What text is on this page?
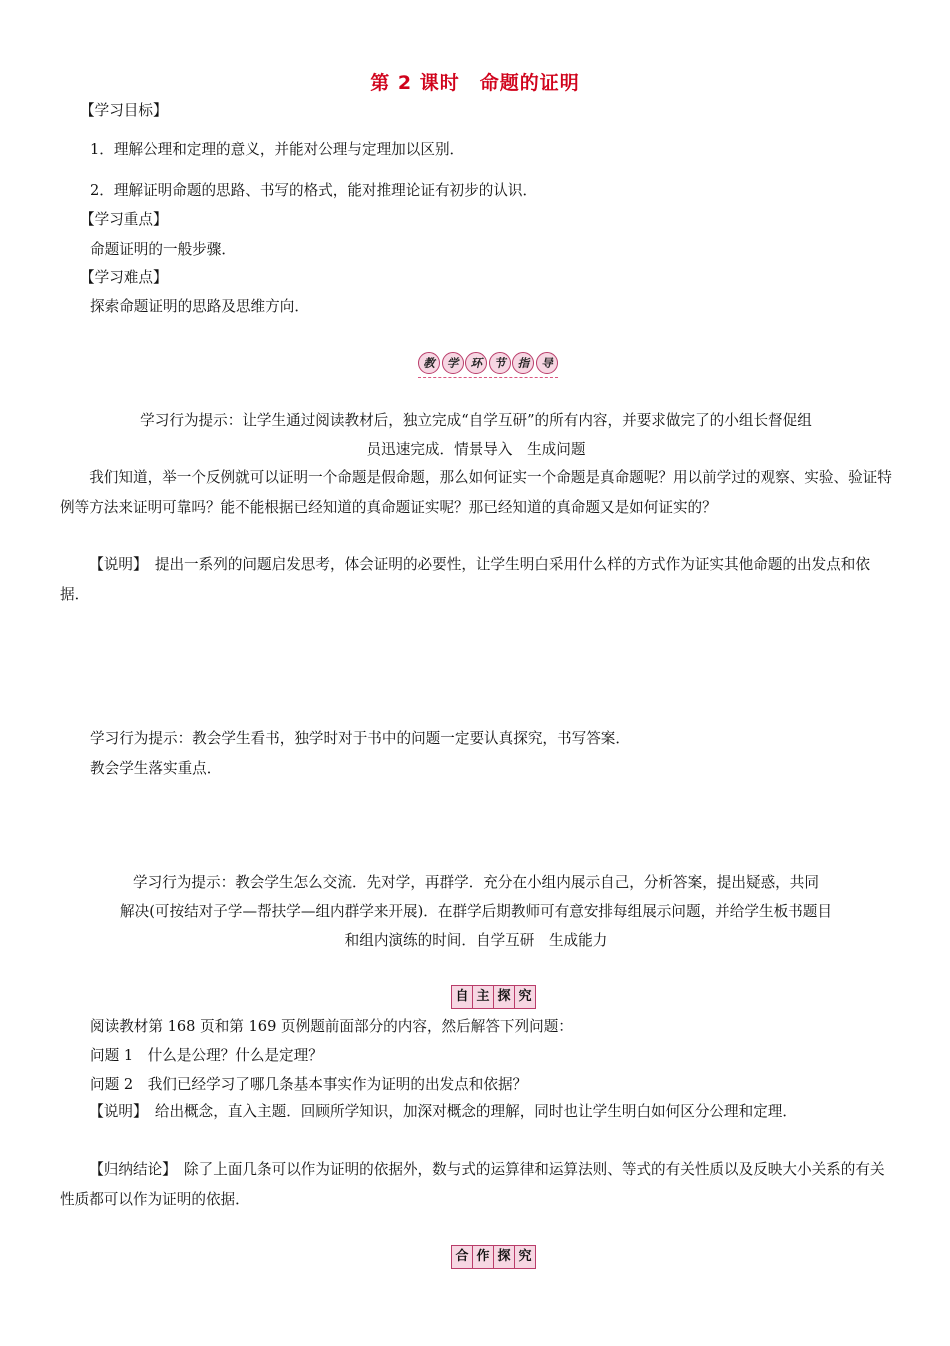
第 2 课时　命题的证明
【学习目标】
1．理解公理和定理的意义，并能对公理与定理加以区别．
2．理解证明命题的思路、书写的格式，能对推理论证有初步的认识．
【学习重点】
命题证明的一般步骤．
【学习难点】
探索命题证明的思路及思维方向．
教	学	环	节	指	导
学习行为提示：让学生通过阅读教材后，独立完成“自学互研”的所有内容，并要求做完了的小组长督促组
员迅速完成．情景导入　生成问题

我们知道，举一个反例就可以证明一个命题是假命题，那么如何证实一个命题是真命题呢？用以前学过的观察、实验、验证特例等方法来证明可靠吗？能不能根据已经知道的真命题证实呢？那已经知道的真命题又是如何证实的？

【说明】　提出一系列的问题启发思考，体会证明的必要性，让学生明白采用什么样的方式作为证实其他命题的出发点和依据．

学习行为提示：教会学生看书，独学时对于书中的问题一定要认真探究，书写答案．
教会学生落实重点．
学习行为提示：教会学生怎么交流．先对学，再群学．充分在小组内展示自己，分析答案，提出疑惑，共同
解决(可按结对子学—帮扶学—组内群学来开展)．在群学后期教师可有意安排每组展示问题，并给学生板书题目
和组内演练的时间．自学互研　生成能力
自 主 探 究
阅读教材第 168 页和第 169 页例题前面部分的内容，然后解答下列问题：
问题 1　什么是公理？什么是定理？
问题 2　我们已经学习了哪几条基本事实作为证明的出发点和依据？

【说明】　给出概念，直入主题．回顾所学知识，加深对概念的理解，同时也让学生明白如何区分公理和定理．

【归纳结论】　除了上面几条可以作为证明的依据外，数与式的运算律和运算法则、等式的有关性质以及反映大小关系的有关性质都可以作为证明的依据．

合 作 探 究
